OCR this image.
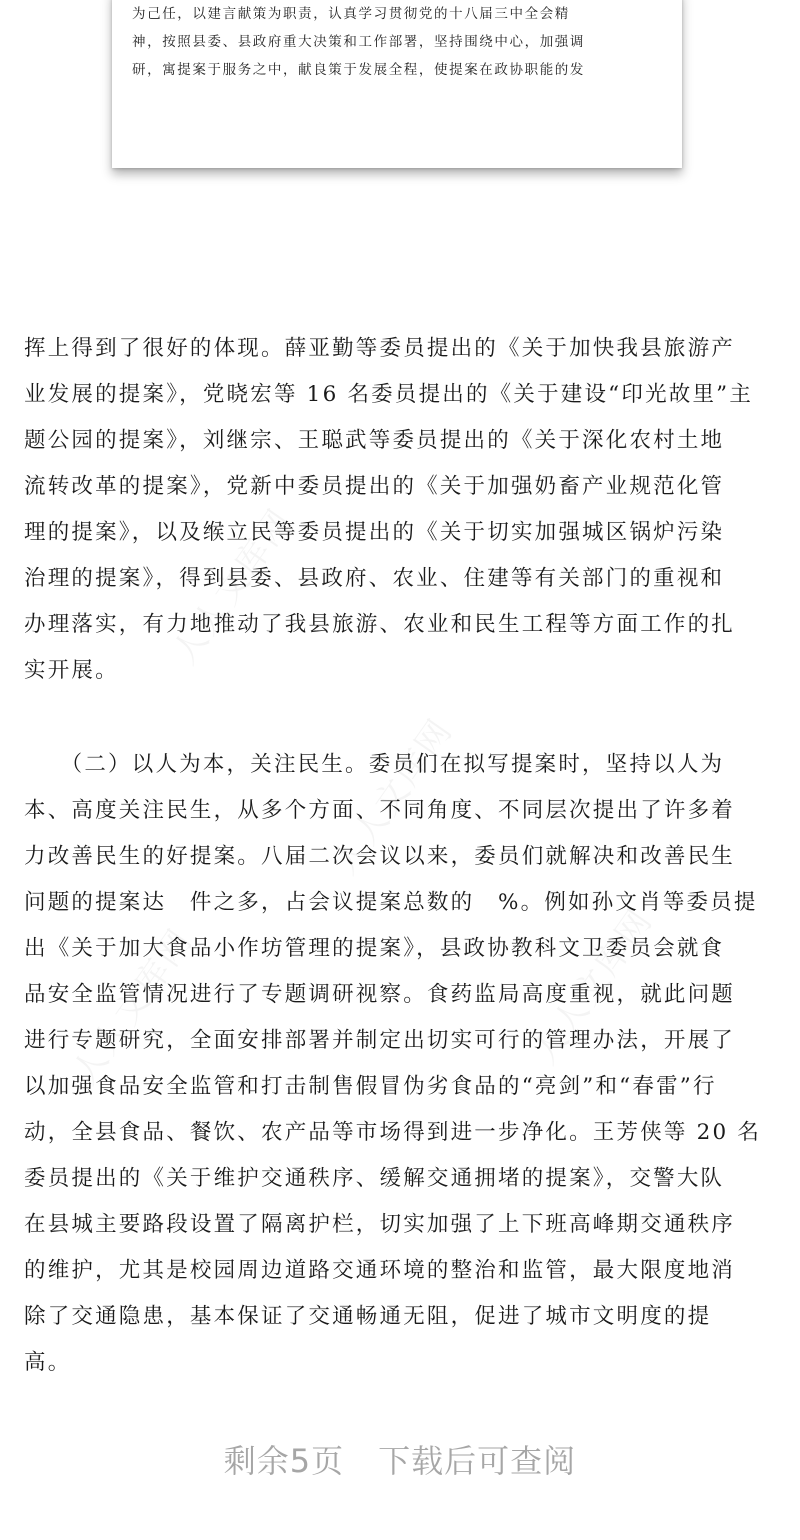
为己任，以建言献策为职责，认真学习贯彻党的十八届三中全会精
神，按照县委、县政府重大决策和工作部署，坚持围绕中心，加强调
研，寓提案于服务之中，献良策于发展全程，使提案在政协职能的发
挥上得到了很好的体现。薛亚勤等委员提出的《关于加快我县旅游产
业发展的提案》，党晓宏等 16 名委员提出的《关于建设“印光故里”主
题公园的提案》，刘继宗、王聪武等委员提出的《关于深化农村土地
流转改革的提案》，党新中委员提出的《关于加强奶畜产业规范化管
理的提案》，以及缑立民等委员提出的《关于切实加强城区锅炉污染
治理的提案》，得到县委、县政府、农业、住建等有关部门的重视和
办理落实，有力地推动了我县旅游、农业和民生工程等方面工作的扎
实开展。
　　（二）以人为本，关注民生。委员们在拟写提案时，坚持以人为
本、高度关注民生，从多个方面、不同角度、不同层次提出了许多着
力改善民生的好提案。八届二次会议以来，委员们就解决和改善民生
问题的提案达　件之多，占会议提案总数的　%。例如孙文肖等委员提
出《关于加大食品小作坊管理的提案》，县政协教科文卫委员会就食
品安全监管情况进行了专题调研视察。食药监局高度重视，就此问题
进行专题研究，全面安排部署并制定出切实可行的管理办法，开展了
以加强食品安全监管和打击制售假冒伪劣食品的“亮剑”和“春雷”行
动，全县食品、餐饮、农产品等市场得到进一步净化。王芳侠等 20 名
委员提出的《关于维护交通秩序、缓解交通拥堵的提案》，交警大队
在县城主要路段设置了隔离护栏，切实加强了上下班高峰期交通秩序
的维护，尤其是校园周边道路交通环境的整治和监管，最大限度地消
除了交通隐患，基本保证了交通畅通无阻，促进了城市文明度的提
高。
剩余5页 下载后可查阅
